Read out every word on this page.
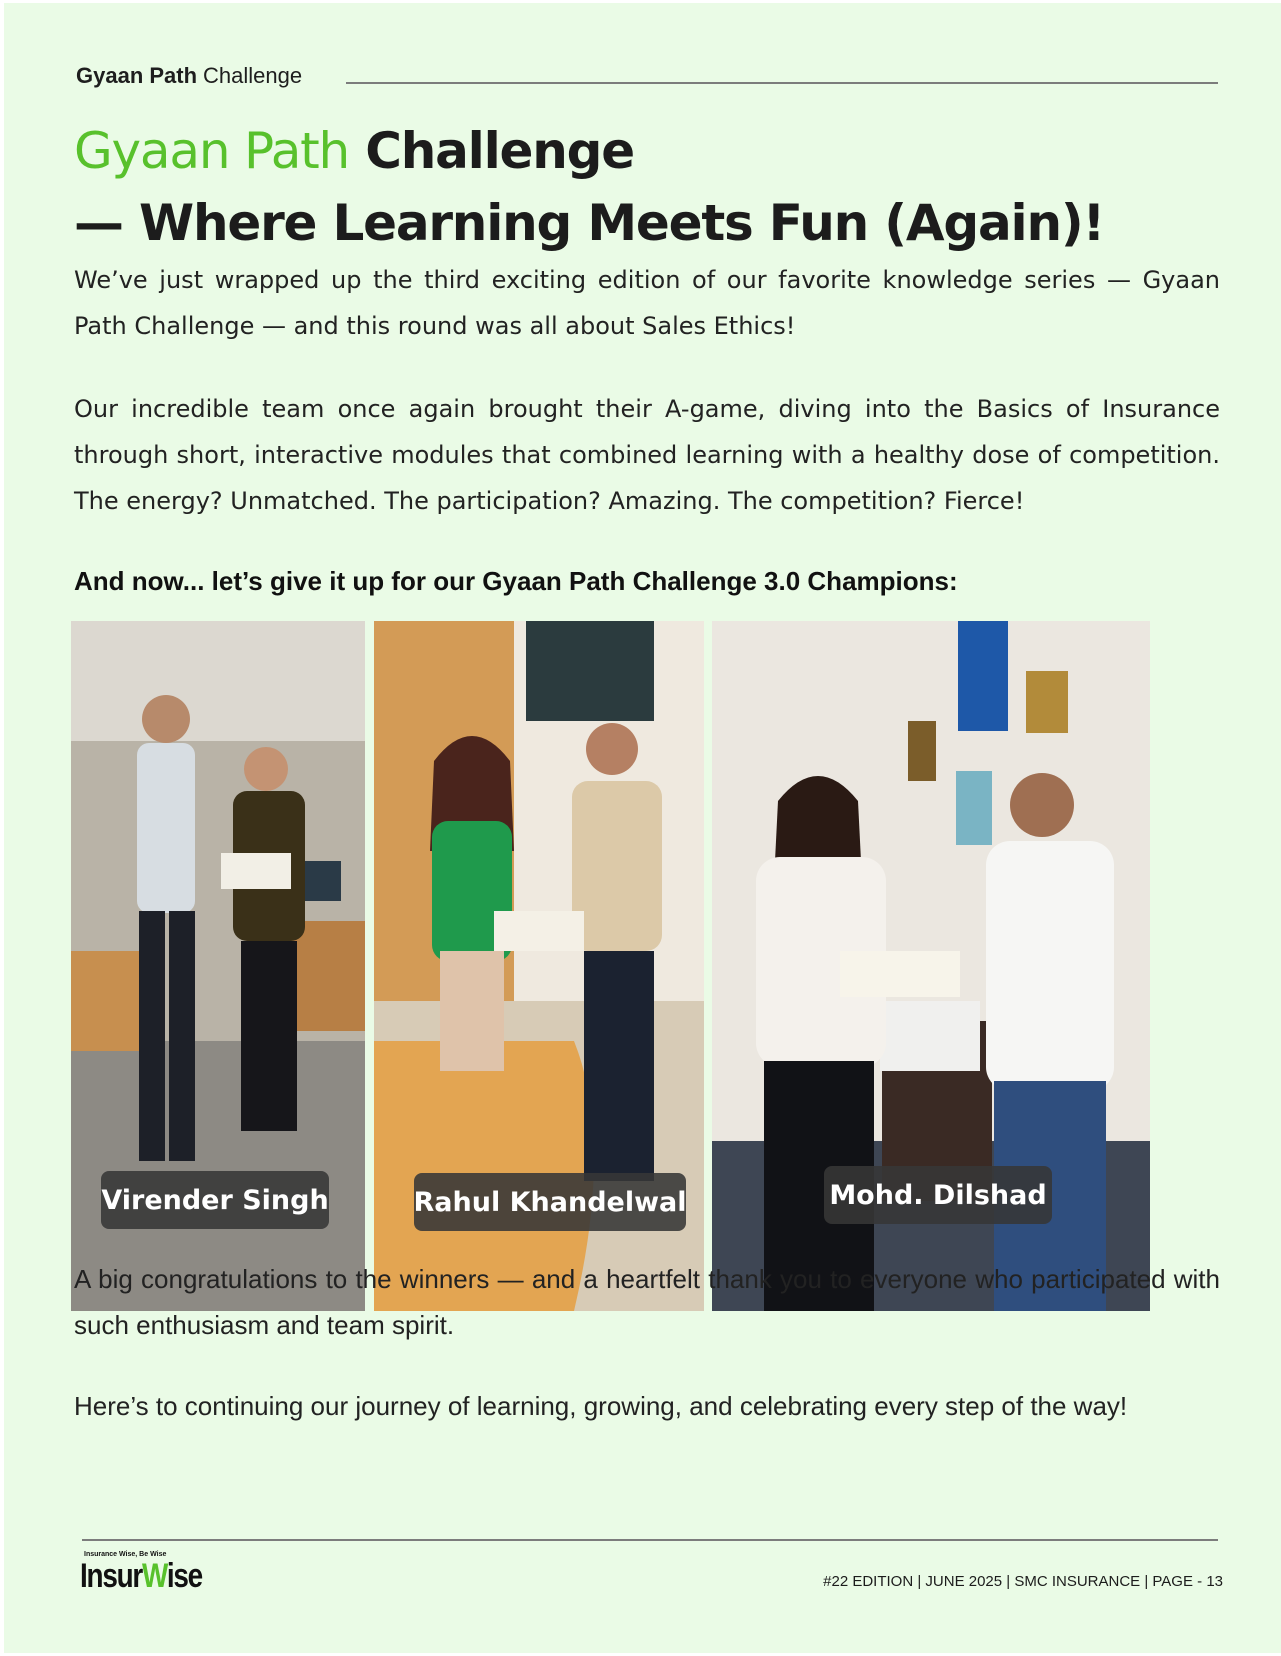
Gyaan Path Challenge
Gyaan Path Challenge
— Where Learning Meets Fun (Again)!

We’ve just wrapped up the third exciting edition of our favorite knowledge series — Gyaan Path Challenge — and this round was all about Sales Ethics!

Our incredible team once again brought their A-game, diving into the Basics of Insurance through short, interactive modules that combined learning with a healthy dose of competition. The energy? Unmatched. The participation? Amazing. The competition? Fierce!

And now... let’s give it up for our Gyaan Path Challenge 3.0 Champions:

Virender Singh	Rahul Khandelwal	Mohd. Dilshad

A big congratulations to the winners — and a heartfelt thank you to everyone who participated with such enthusiasm and team spirit.

Here’s to continuing our journey of learning, growing, and celebrating every step of the way!

Insurance Wise, Be Wise
InsurWise	#22 EDITION | JUNE 2025 | SMC INSURANCE | PAGE - 13
